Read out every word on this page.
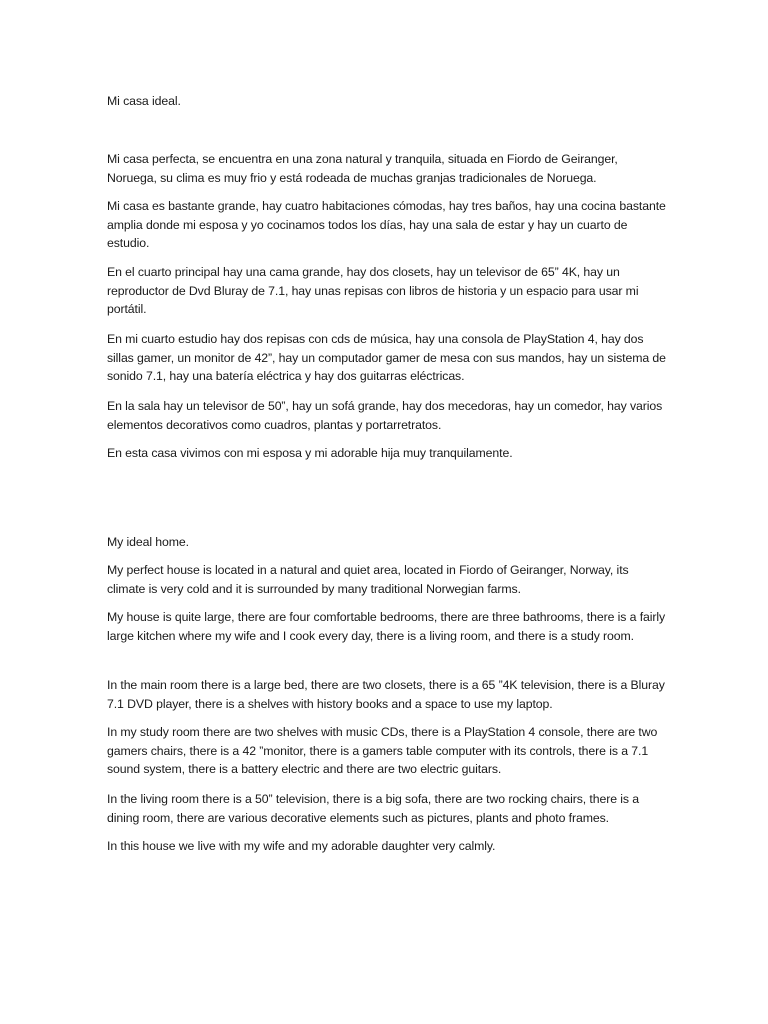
Mi casa ideal.

Mi casa perfecta, se encuentra en una zona natural y tranquila, situada en Fiordo de Geiranger, Noruega, su clima es muy frio y está rodeada de muchas granjas tradicionales de Noruega.

Mi casa es bastante grande, hay cuatro habitaciones cómodas, hay tres baños, hay una cocina bastante amplia donde mi esposa y yo cocinamos todos los días, hay una sala de estar y hay un cuarto de estudio.

En el cuarto principal hay una cama grande, hay dos closets, hay un televisor de 65” 4K, hay un reproductor de Dvd Bluray de 7.1, hay unas repisas con libros de historia y un espacio para usar mi portátil.

En mi cuarto estudio hay dos repisas con cds de música, hay una consola de PlayStation 4, hay dos sillas gamer, un monitor de 42”, hay un computador gamer de mesa con sus mandos, hay un sistema de sonido 7.1, hay una batería eléctrica y hay dos guitarras eléctricas.

En la sala hay un televisor de 50”, hay un sofá grande, hay dos mecedoras, hay un comedor, hay varios elementos decorativos como cuadros, plantas y portarretratos.

En esta casa vivimos con mi esposa y mi adorable hija muy tranquilamente.

My ideal home.

My perfect house is located in a natural and quiet area, located in Fiordo of Geiranger, Norway, its climate is very cold and it is surrounded by many traditional Norwegian farms.

My house is quite large, there are four comfortable bedrooms, there are three bathrooms, there is a fairly large kitchen where my wife and I cook every day, there is a living room, and there is a study room.

In the main room there is a large bed, there are two closets, there is a 65 ”4K television, there is a Bluray 7.1 DVD player, there is a shelves with history books and a space to use my laptop.

In my study room there are two shelves with music CDs, there is a PlayStation 4 console, there are two gamers chairs, there is a 42 ”monitor, there is a gamers table computer with its controls, there is a 7.1 sound system, there is a battery electric and there are two electric guitars.

In the living room there is a 50” television, there is a big sofa, there are two rocking chairs, there is a dining room, there are various decorative elements such as pictures, plants and photo frames.

In this house we live with my wife and my adorable daughter very calmly.
